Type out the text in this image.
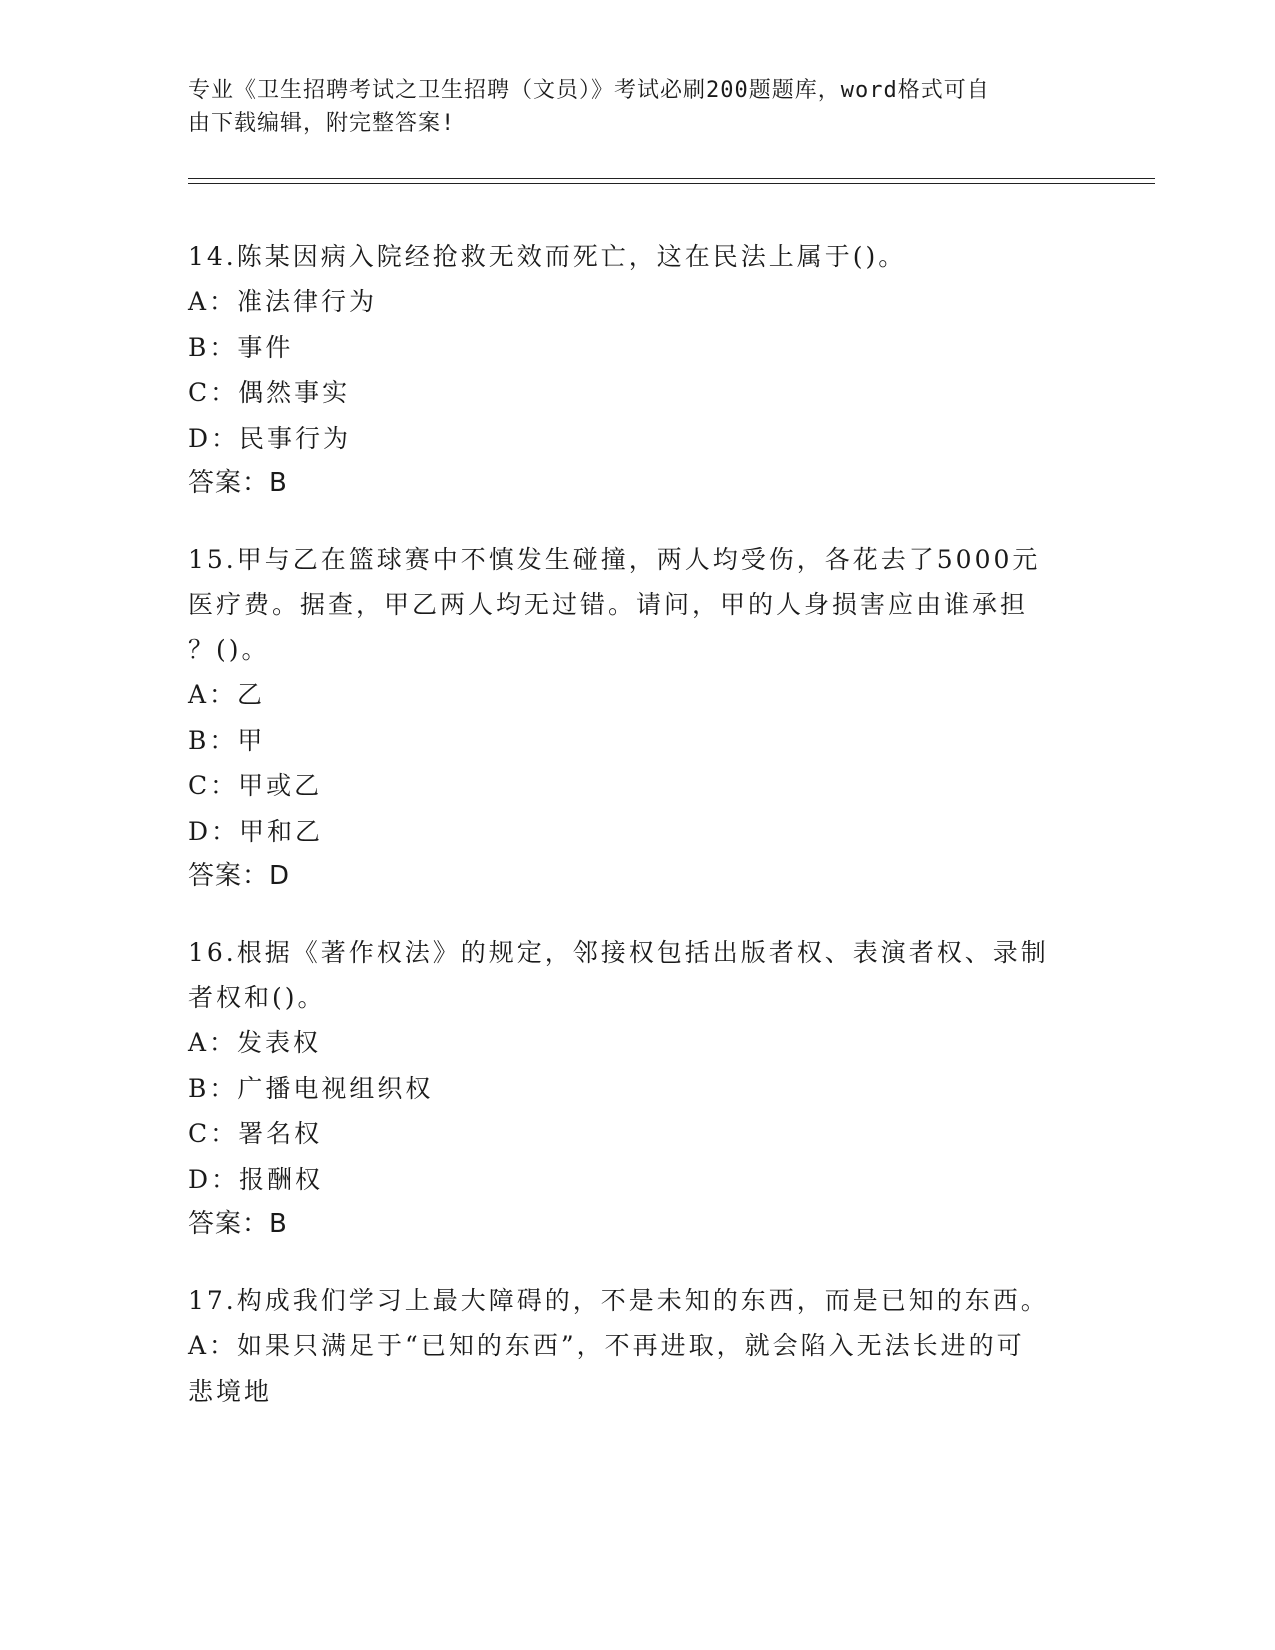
专业《卫生招聘考试之卫生招聘（文员）》考试必刷200题题库，word格式可自
由下载编辑，附完整答案!
14.陈某因病入院经抢救无效而死亡，这在民法上属于()。
A：准法律行为
B：事件
C：偶然事实
D：民事行为
答案：B
15.甲与乙在篮球赛中不慎发生碰撞，两人均受伤，各花去了5000元
医疗费。据查，甲乙两人均无过错。请问，甲的人身损害应由谁承担
？()。
A：乙
B：甲
C：甲或乙
D：甲和乙
答案：D
16.根据《著作权法》的规定，邻接权包括出版者权、表演者权、录制
者权和()。
A：发表权
B：广播电视组织权
C：署名权
D：报酬权
答案：B
17.构成我们学习上最大障碍的，不是未知的东西，而是已知的东西。
A：如果只满足于“已知的东西”，不再进取，就会陷入无法长进的可
悲境地
